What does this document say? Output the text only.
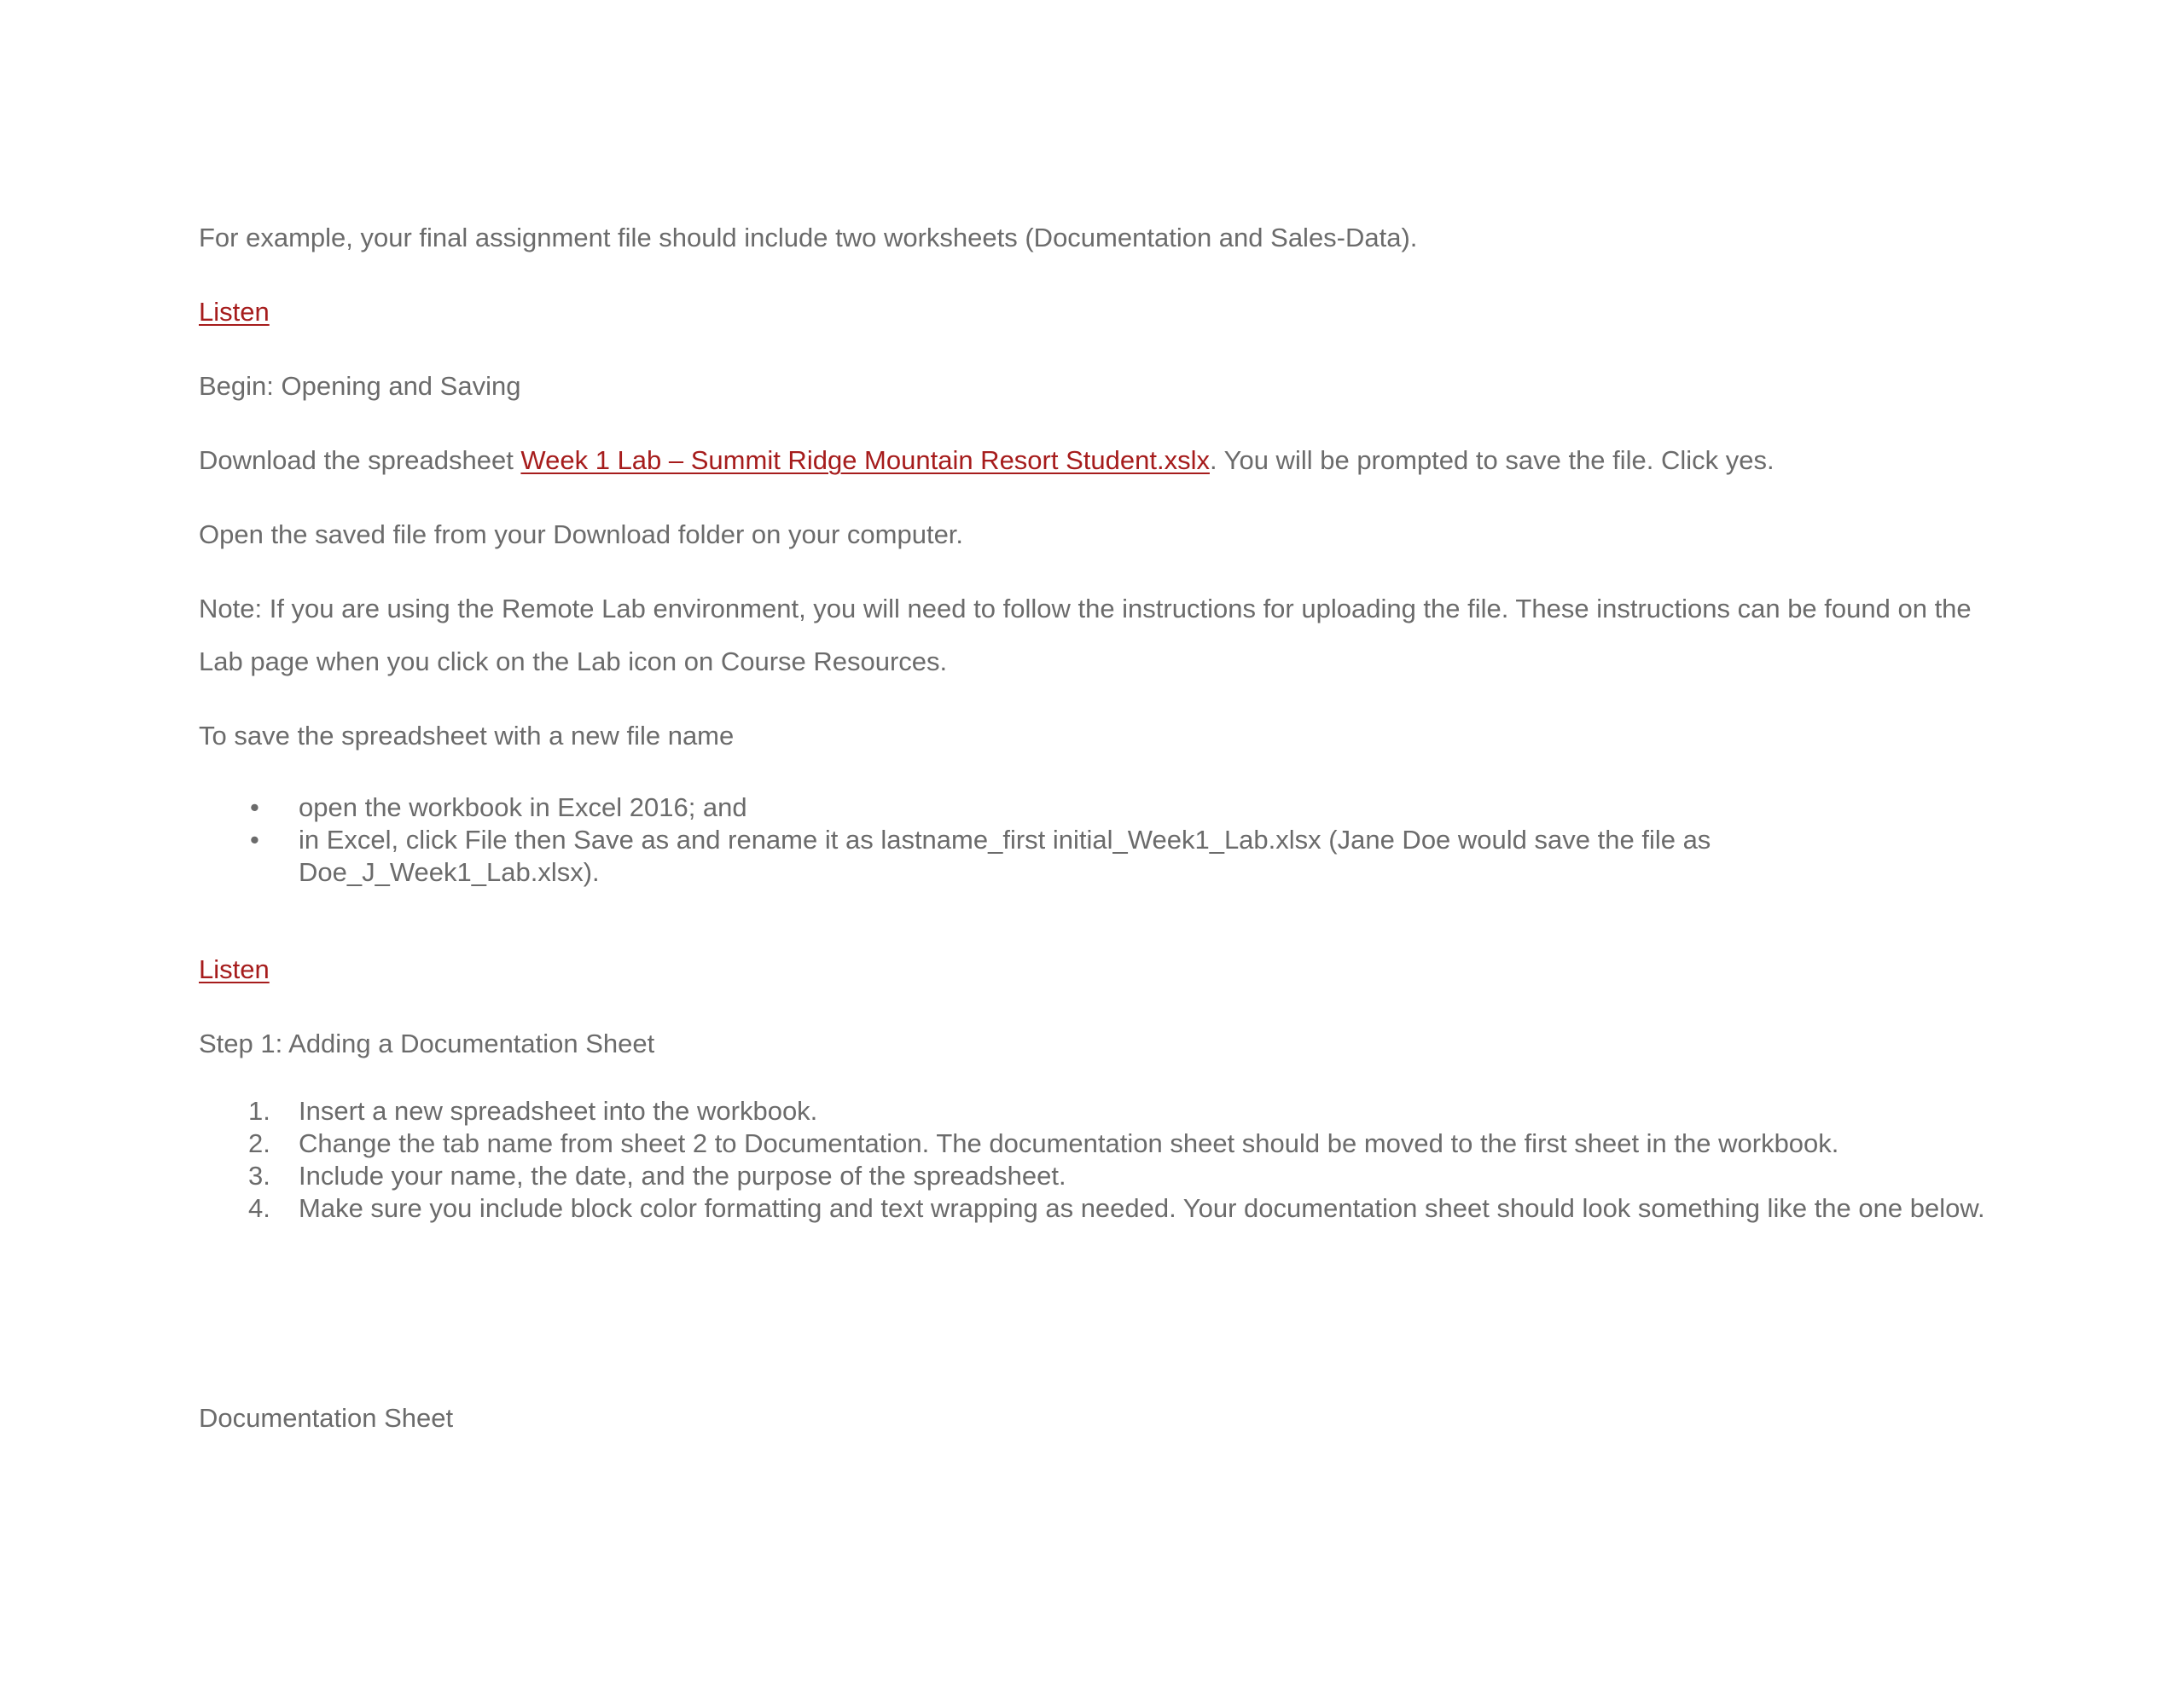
For example, your final assignment file should include two worksheets (Documentation and Sales-Data).
Listen
Begin: Opening and Saving
Download the spreadsheet Week 1 Lab – Summit Ridge Mountain Resort Student.xslx. You will be prompted to save the file. Click yes.
Open the saved file from your Download folder on your computer.
Note: If you are using the Remote Lab environment, you will need to follow the instructions for uploading the file. These instructions can be found on the Lab page when you click on the Lab icon on Course Resources.
To save the spreadsheet with a new file name
•	open the workbook in Excel 2016; and
•	in Excel, click File then Save as and rename it as lastname_first initial_Week1_Lab.xlsx (Jane Doe would save the file as Doe_J_Week1_Lab.xlsx).
Listen
Step 1: Adding a Documentation Sheet
1.	Insert a new spreadsheet into the workbook.
2.	Change the tab name from sheet 2 to Documentation. The documentation sheet should be moved to the first sheet in the workbook.
3.	Include your name, the date, and the purpose of the spreadsheet.
4.	Make sure you include block color formatting and text wrapping as needed. Your documentation sheet should look something like the one below.
Documentation Sheet
